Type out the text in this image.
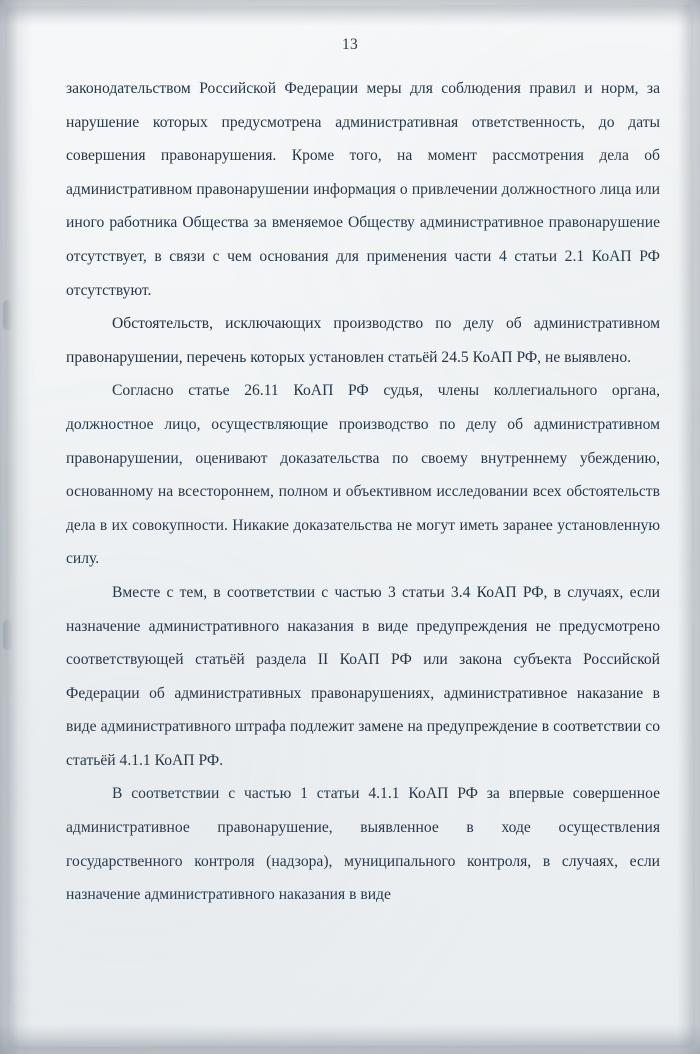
13

законодательством Российской Федерации меры для соблюдения правил и норм, за нарушение которых предусмотрена административная ответственность, до даты совершения правонарушения. Кроме того, на момент рассмотрения дела об административном правонарушении информация о привлечении должностного лица или иного работника Общества за вменяемое Обществу административное правонарушение отсутствует, в связи с чем основания для применения части 4 статьи 2.1 КоАП РФ отсутствуют.

Обстоятельств, исключающих производство по делу об административном правонарушении, перечень которых установлен статьёй 24.5 КоАП РФ, не выявлено.

Согласно статье 26.11 КоАП РФ судья, члены коллегиального органа, должностное лицо, осуществляющие производство по делу об административном правонарушении, оценивают доказательства по своему внутреннему убеждению, основанному на всестороннем, полном и объективном исследовании всех обстоятельств дела в их совокупности. Никакие доказательства не могут иметь заранее установленную силу.

Вместе с тем, в соответствии с частью 3 статьи 3.4 КоАП РФ, в случаях, если назначение административного наказания в виде предупреждения не предусмотрено соответствующей статьёй раздела II КоАП РФ или закона субъекта Российской Федерации об административных правонарушениях, административное наказание в виде административного штрафа подлежит замене на предупреждение в соответствии со статьёй 4.1.1 КоАП РФ.

В соответствии с частью 1 статьи 4.1.1 КоАП РФ за впервые совершенное административное правонарушение, выявленное в ходе осуществления государственного контроля (надзора), муниципального контроля, в случаях, если назначение административного наказания в виде
